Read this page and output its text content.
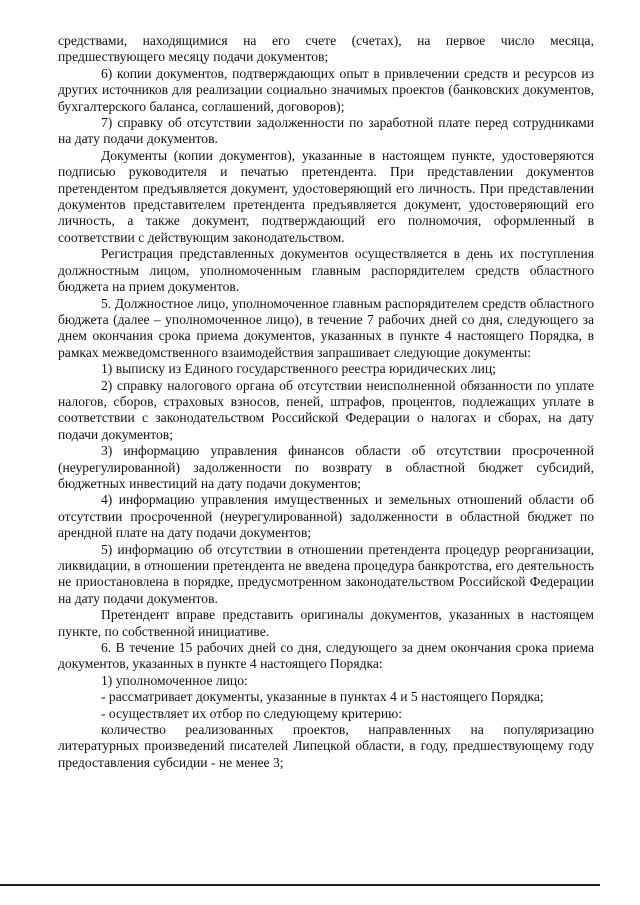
средствами, находящимися на его счете (счетах), на первое число месяца, предшествующего месяцу подачи документов;

6) копии документов, подтверждающих опыт в привлечении средств и ресурсов из других источников для реализации социально значимых проектов (банковских документов, бухгалтерского баланса, соглашений, договоров);

7) справку об отсутствии задолженности по заработной плате перед сотрудниками на дату подачи документов.

Документы (копии документов), указанные в настоящем пункте, удостоверяются подписью руководителя и печатью претендента. При представлении документов претендентом предъявляется документ, удостоверяющий его личность. При представлении документов представителем претендента предъявляется документ, удостоверяющий его личность, а также документ, подтверждающий его полномочия, оформленный в соответствии с действующим законодательством.

Регистрация представленных документов осуществляется в день их поступления должностным лицом, уполномоченным главным распорядителем средств областного бюджета на прием документов.

5. Должностное лицо, уполномоченное главным распорядителем средств областного бюджета (далее – уполномоченное лицо), в течение 7 рабочих дней со дня, следующего за днем окончания срока приема документов, указанных в пункте 4 настоящего Порядка, в рамках межведомственного взаимодействия запрашивает следующие документы:

1) выписку из Единого государственного реестра юридических лиц;

2) справку налогового органа об отсутствии неисполненной обязанности по уплате налогов, сборов, страховых взносов, пеней, штрафов, процентов, подлежащих уплате в соответствии с законодательством Российской Федерации о налогах и сборах, на дату подачи документов;

3) информацию управления финансов области об отсутствии просроченной (неурегулированной) задолженности по возврату в областной бюджет субсидий, бюджетных инвестиций на дату подачи документов;

4) информацию управления имущественных и земельных отношений области об отсутствии просроченной (неурегулированной) задолженности в областной бюджет по арендной плате на дату подачи документов;

5) информацию об отсутствии в отношении претендента процедур реорганизации, ликвидации, в отношении претендента не введена процедура банкротства, его деятельность не приостановлена в порядке, предусмотренном законодательством Российской Федерации на дату подачи документов.

Претендент вправе представить оригиналы документов, указанных в настоящем пункте, по собственной инициативе.

6. В течение 15 рабочих дней со дня, следующего за днем окончания срока приема документов, указанных в пункте 4 настоящего Порядка:

1) уполномоченное лицо:

- рассматривает документы, указанные в пунктах 4 и 5 настоящего Порядка;

- осуществляет их отбор по следующему критерию:

количество реализованных проектов, направленных на популяризацию литературных произведений писателей Липецкой области, в году, предшествующему году предоставления субсидии - не менее 3;
